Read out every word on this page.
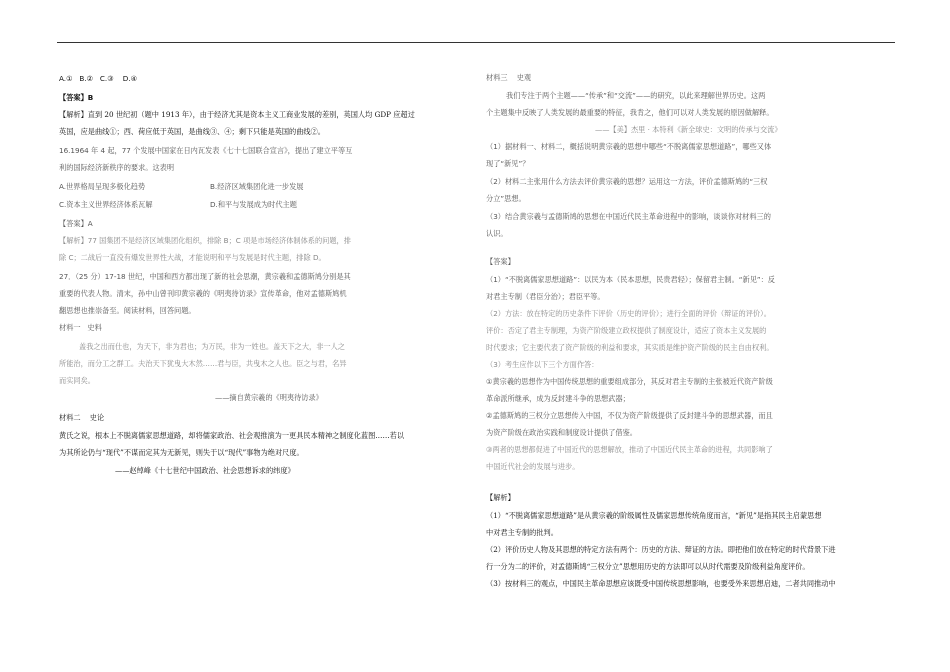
A.①   B.②   C.③    D.④
【答案】B
【解析】直到 20 世纪初（题中 1913 年），由于经济尤其是资本主义工商业发展的差别，英国人均 GDP 应超过
英国，应是曲线①；西、荷应低于英国，是曲线③、④；剩下只能是英国的曲线②。
16.1964 年 4 起，77 个发展中国家在日内瓦发表《七十七国联合宣言》，提出了建立平等互
利的国际经济新秩序的要求。这表明
A.世界格局呈现多极化趋势	B.经济区域集团化进一步发展
C.资本主义世界经济体系瓦解	D.和平与发展成为时代主题
【答案】A
【解析】77 国集团不是经济区域集团化组织，排除 B；C 项是市场经济体制体系的问题，排
除 C；二战后一直没有爆发世界性大战，才能说明和平与发展是时代主题，排除 D。
27．（25 分）17-18 世纪，中国和西方都出现了新的社会思潮，黄宗羲和孟德斯鸠分别是其
重要的代表人物。清末，孙中山曾刊印黄宗羲的《明夷待访录》宣传革命，他对孟德斯鸠机
翻思想也推崇备至。阅读材料，回答问题。
材料一   史料
盖我之出而仕也，为天下，非为君也；为万民，非为一姓也。盖天下之大，非一人之
所能治，而分工之群工。夫治天下犹曳大木然……君与臣，共曳木之人也。臣之与君，名异
而实同矣。
——摘自黄宗羲的《明夷待访录》
材料二    史论
黄氏之说，根本上不脱离儒家思想道路，却将儒家政治、社会观推演为一更具民本精神之制度化蓝图……若以
为其所论仍与“现代”不谋而定其为无新见，则失于以“现代”事物为绝对尺度。
——赵绰峰《十七世纪中国政治、社会思想诉求的纬度》
材料三    史观
我们专注于两个主题——“传承”和“交流”——的研究，以此来理解世界历史。这两
个主题集中反映了人类发展的最重要的特征，我肯之，他们可以对人类发展的原因做解释。
——【美】杰里 · 本特利《新全球史：文明的传承与交流》
（1）据材料一、材料二，概括说明黄宗羲的思想中哪些“不脱离儒家思想道路”，哪些又体
现了“新见”？
（2）材料二主张用什么方法去评价黄宗羲的思想？运用这一方法，评价孟德斯鸠的“三权
分立”思想。
（3）结合黄宗羲与孟德斯鸠的思想在中国近代民主革命进程中的影响，谈谈你对材料三的
认识。
【答案】
（1）“不脱离儒家思想道路”：以民为本（民本思想，民贵君轻）；保留君主制。“新见”：反
对君主专制（君臣分治）；君臣平等。
（2）方法：放在特定的历史条件下评价（历史的评价）；进行全面的评价（辩证的评价）。
评价：否定了君主专制理，为资产阶级建立政权提供了制度设计，适应了资本主义发展的
时代要求；它主要代表了资产阶级的利益和要求，其实质是维护资产阶级的民主自由权利。
（3）考生应作以下三个方面作答：
①黄宗羲的思想作为中国传统思想的重要组成部分，其反对君主专制的主张被近代资产阶级
革命派所继承，成为反封建斗争的思想武器；
②孟德斯鸠的三权分立思想传入中国，不仅为资产阶级提供了反封建斗争的思想武器，而且
为资产阶级在政治实践和制度设计提供了借鉴。
③两者的思想都促进了中国近代的思想解放，推动了中国近代民主革命的进程，共同影响了
中国近代社会的发展与进步。
【解析】
（1）“不脱离儒家思想道路”是从黄宗羲的阶级属性及儒家思想传统角度而言，“新见”是指其民主启蒙思想
中对君主专制的批判。
（2）评价历史人物及其思想的特定方法有两个：历史的方法、辩证的方法。即把他们放在特定的时代背景下进
行一分为二的评价，对孟德斯鸠“三权分立”思想用历史的方法即可以从时代需要及阶级利益角度评价。
（3）按材料三的观点，中国民主革命思想应该既受中国传统思想影响，也要受外来思想启迪，二者共同推动中
